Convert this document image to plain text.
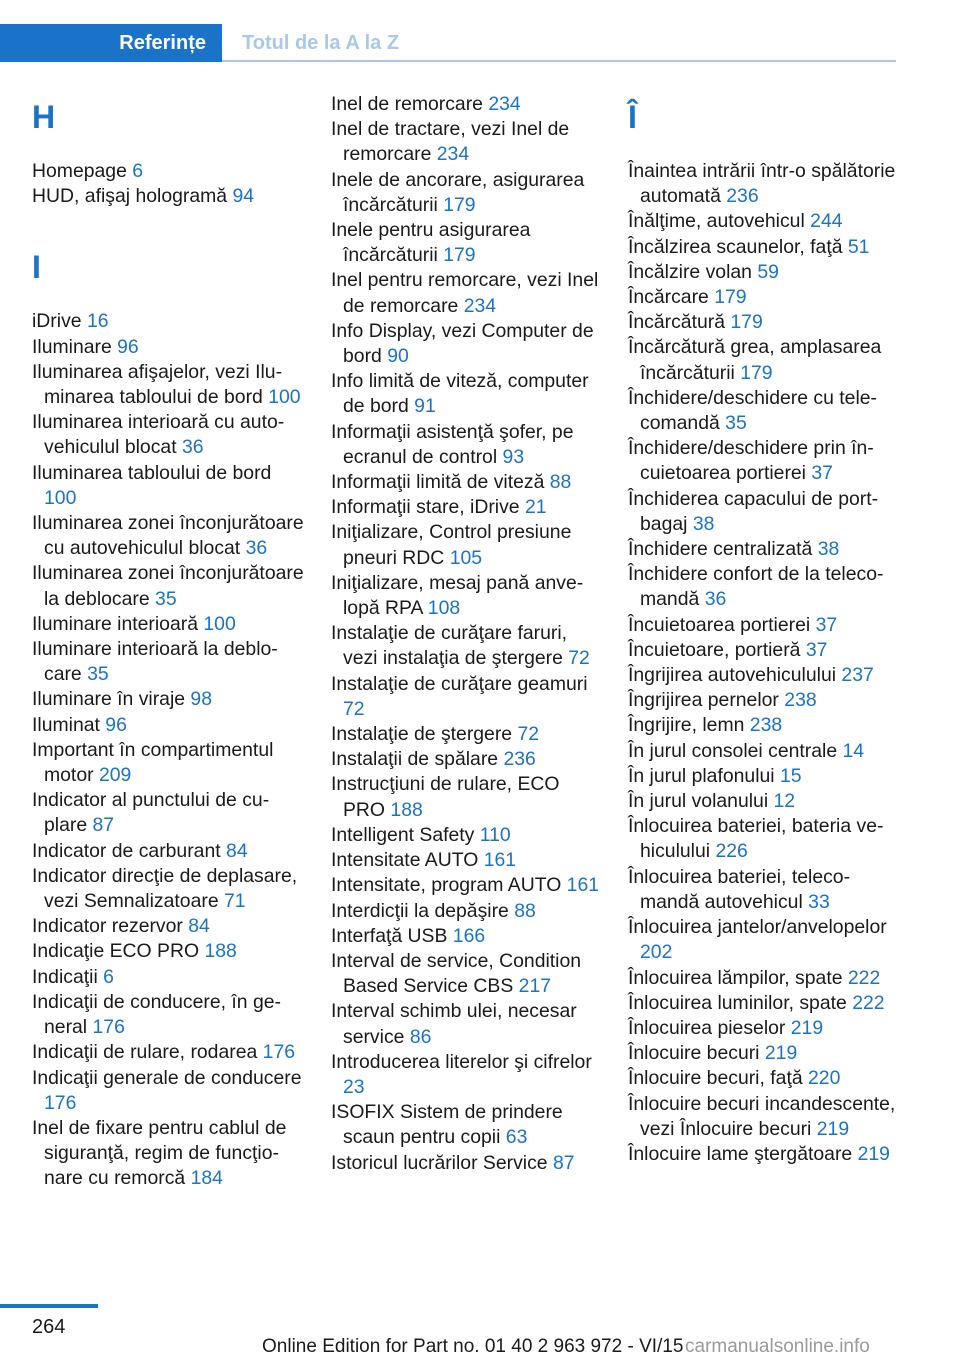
Referințe	Totul de la A la Z
H
Homepage 6
HUD, afişaj hologramă 94
I
iDrive 16
Iluminare 96
Iluminarea afişajelor, vezi Iluminarea tabloului de bord 100
Iluminarea interioară cu autovehiculul blocat 36
Iluminarea tabloului de bord 100
Iluminarea zonei înconjurătoare cu autovehiculul blocat 36
Iluminarea zonei înconjurătoare la deblocare 35
Iluminare interioară 100
Iluminare interioară la deblocare 35
Iluminare în viraje 98
Iluminat 96
Important în compartimentul motor 209
Indicator al punctului de cuplare 87
Indicator de carburant 84
Indicator direcţie de deplasare, vezi Semnalizatoare 71
Indicator rezervor 84
Indicaţie ECO PRO 188
Indicaţii 6
Indicaţii de conducere, în general 176
Indicaţii de rulare, rodarea 176
Indicaţii generale de conducere 176
Inel de fixare pentru cablul de siguranţă, regim de funcţionare cu remorcă 184
Inel de remorcare 234
Inel de tractare, vezi Inel de remorcare 234
Inele de ancorare, asigurarea încărcăturii 179
Inele pentru asigurarea încărcăturii 179
Inel pentru remorcare, vezi Inel de remorcare 234
Info Display, vezi Computer de bord 90
Info limită de viteză, computer de bord 91
Informaţii asistenţă şofer, pe ecranul de control 93
Informaţii limită de viteză 88
Informaţii stare, iDrive 21
Iniţializare, Control presiune pneuri RDC 105
Iniţializare, mesaj pană anvelopă RPA 108
Instalaţie de curăţare faruri, vezi instalaţia de ştergere 72
Instalaţie de curăţare geamuri 72
Instalaţie de ştergere 72
Instalaţii de spălare 236
Instrucţiuni de rulare, ECO PRO 188
Intelligent Safety 110
Intensitate AUTO 161
Intensitate, program AUTO 161
Interdicţii la depăşire 88
Interfaţă USB 166
Interval de service, Condition Based Service CBS 217
Interval schimb ulei, necesar service 86
Introducerea literelor şi cifrelor 23
ISOFIX Sistem de prindere scaun pentru copii 63
Istoricul lucrărilor Service 87
Î
Înaintea intrării într-o spălătorie automată 236
Înălţime, autovehicul 244
Încălzirea scaunelor, faţă 51
Încălzire volan 59
Încărcare 179
Încărcătură 179
Încărcătură grea, amplasarea încărcăturii 179
Închidere/deschidere cu telecomandă 35
Închidere/deschidere prin încuietoarea portierei 37
Închiderea capacului de portbagaj 38
Închidere centralizată 38
Închidere confort de la telecomandă 36
Încuietoarea portierei 37
Încuietoare, portieră 37
Îngrijirea autovehiculului 237
Îngrijirea pernelor 238
Îngrijire, lemn 238
În jurul consolei centrale 14
În jurul plafonului 15
În jurul volanului 12
Înlocuirea bateriei, bateria vehiculului 226
Înlocuirea bateriei, telecomandă autovehicul 33
Înlocuirea jantelor/anvelopelor 202
Înlocuirea lămpilor, spate 222
Înlocuirea luminilor, spate 222
Înlocuirea pieselor 219
Înlocuire becuri 219
Înlocuire becuri, faţă 220
Înlocuire becuri incandescente, vezi Înlocuire becuri 219
Înlocuire lame ştergătoare 219
264
Online Edition for Part no. 01 40 2 963 972 - VI/15 carmanualsonline.info
